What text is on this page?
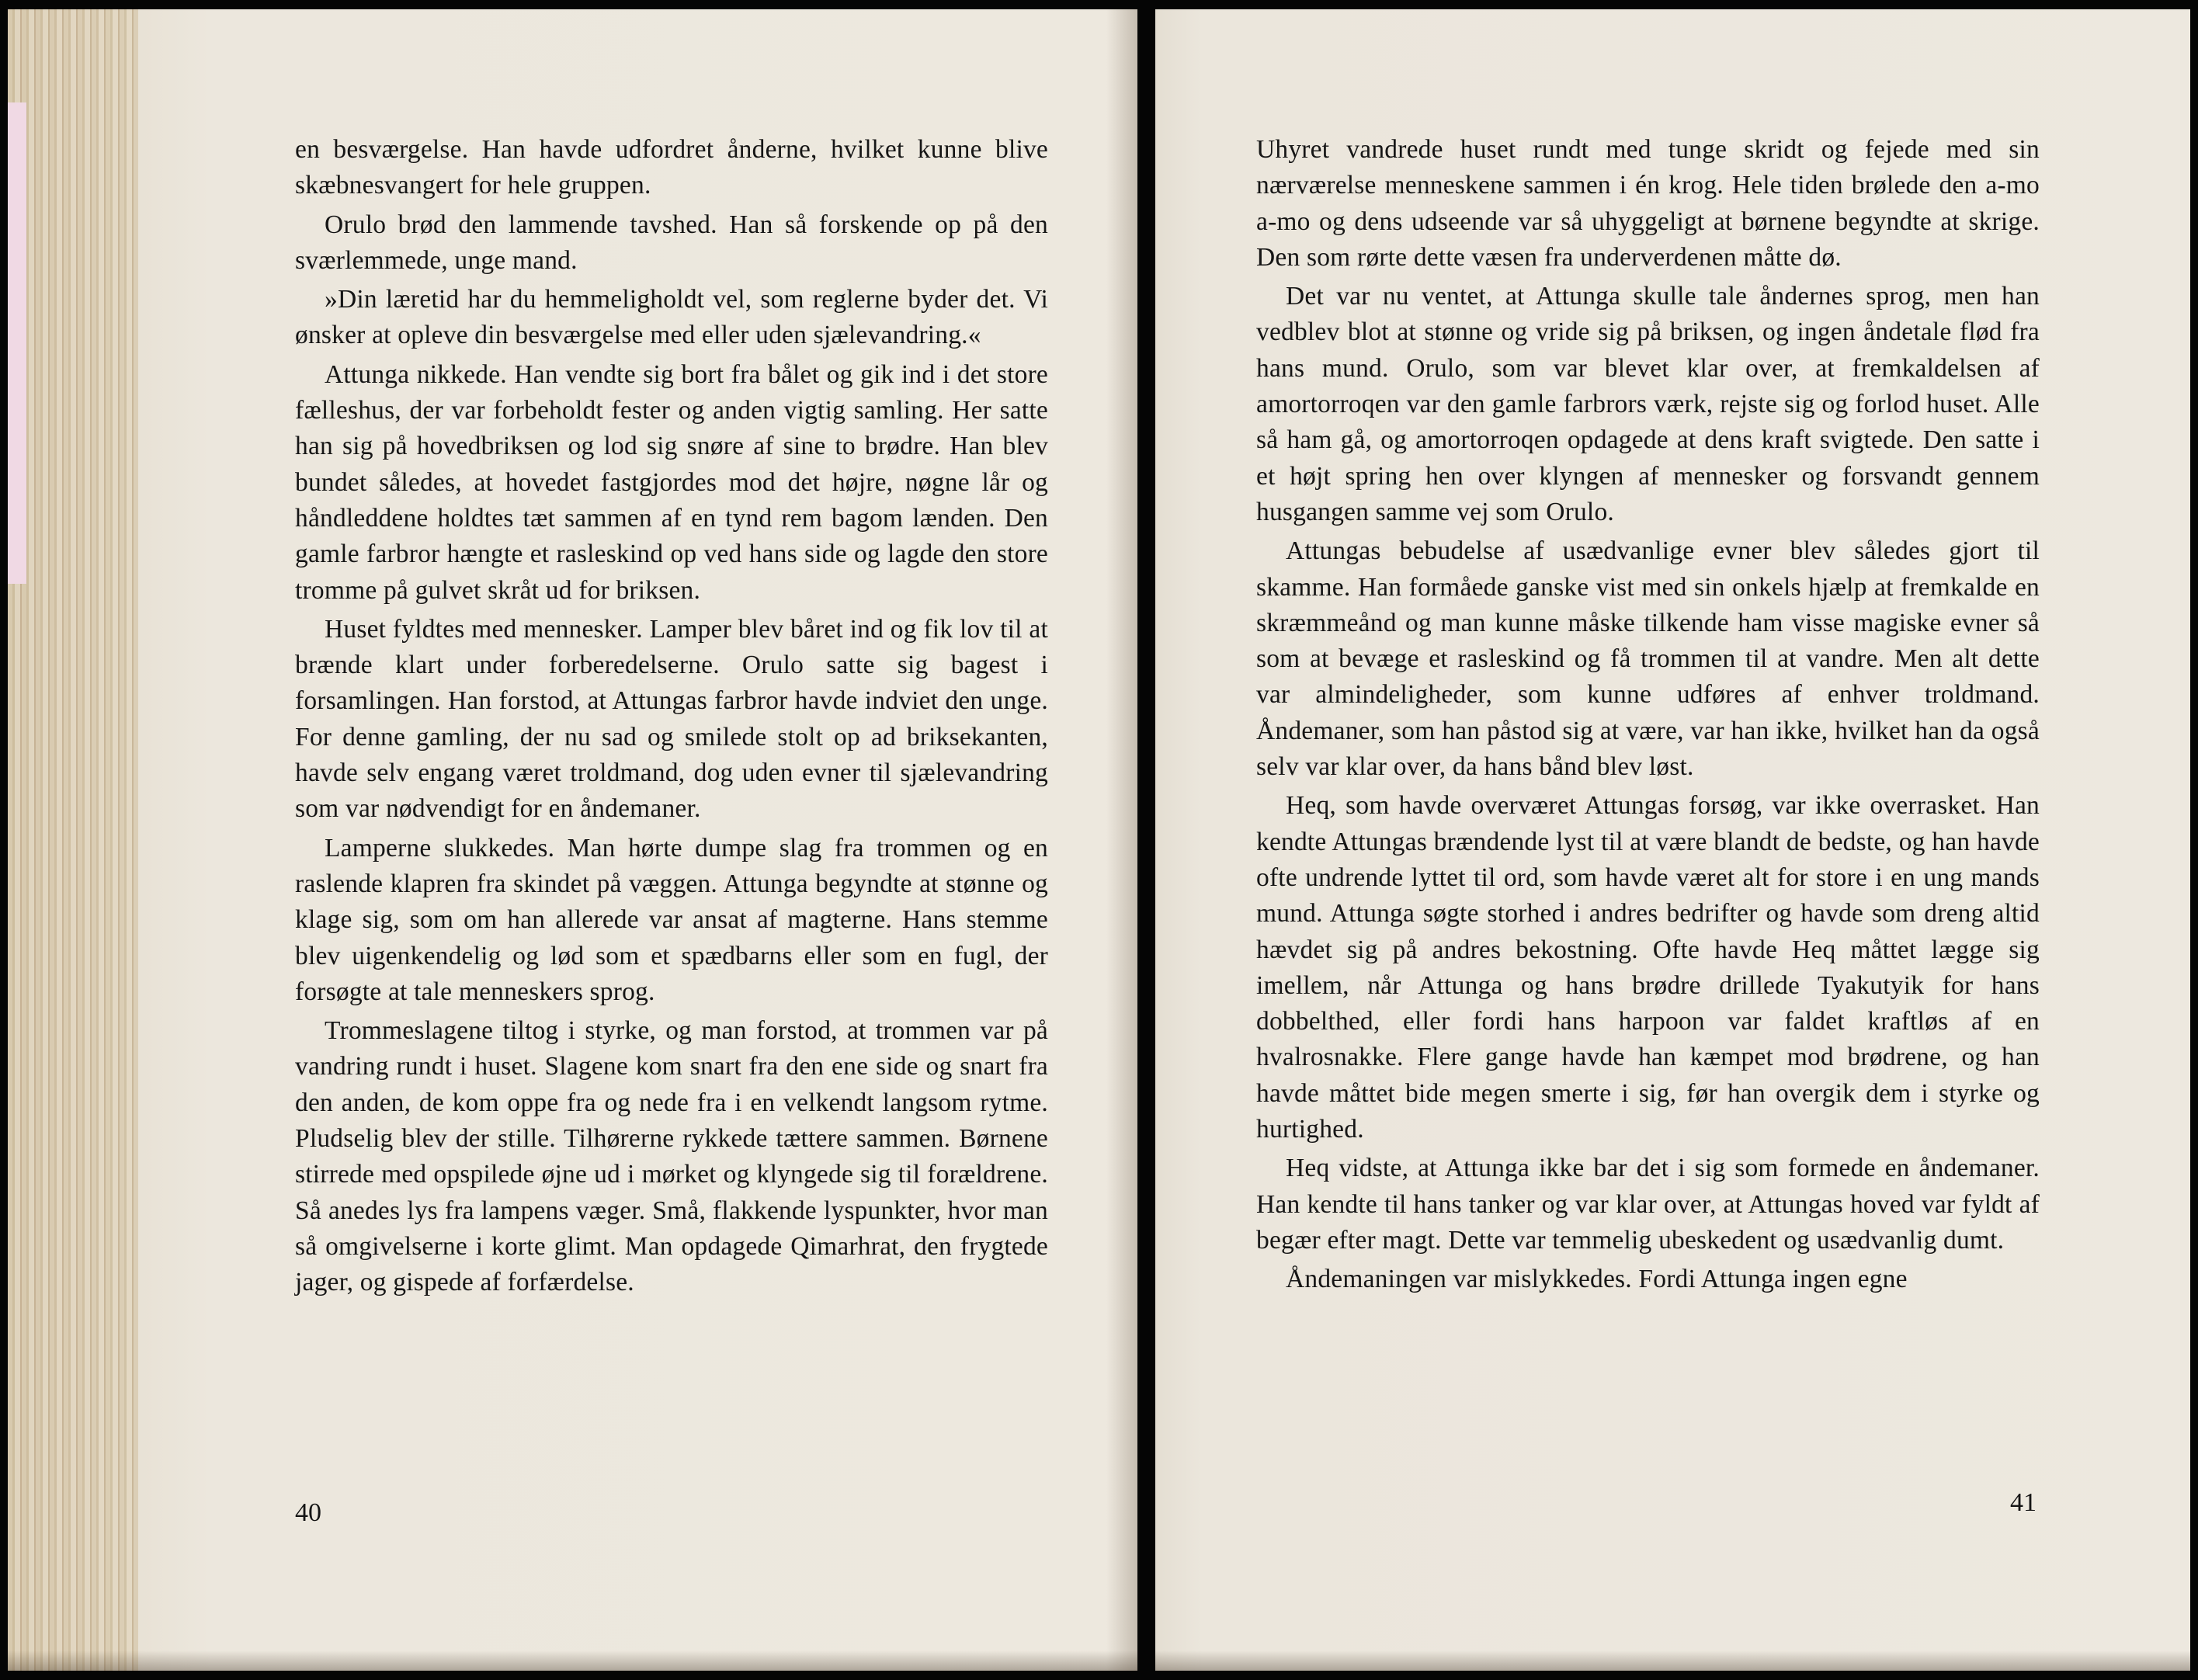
en besværgelse. Han havde udfordret ånderne, hvilket kunne blive skæbnesvangert for hele gruppen.

Orulo brød den lammende tavshed. Han så forskende op på den sværlemmede, unge mand.

»Din læretid har du hemmeligholdt vel, som reglerne byder det. Vi ønsker at opleve din besværgelse med eller uden sjælevandring.«

Attunga nikkede. Han vendte sig bort fra bålet og gik ind i det store fælleshus, der var forbeholdt fester og anden vigtig samling. Her satte han sig på hovedbriksen og lod sig snøre af sine to brødre. Han blev bundet således, at hovedet fastgjordes mod det højre, nøgne lår og håndleddene holdtes tæt sammen af en tynd rem bagom lænden. Den gamle farbror hængte et rasleskind op ved hans side og lagde den store tromme på gulvet skråt ud for briksen.

Huset fyldtes med mennesker. Lamper blev båret ind og fik lov til at brænde klart under forberedelserne. Orulo satte sig bagest i forsamlingen. Han forstod, at Attungas farbror havde indviet den unge. For denne gamling, der nu sad og smilede stolt op ad briksekanten, havde selv engang været troldmand, dog uden evner til sjælevandring som var nødvendigt for en åndemaner.

Lamperne slukkedes. Man hørte dumpe slag fra trommen og en raslende klapren fra skindet på væggen. Attunga begyndte at stønne og klage sig, som om han allerede var ansat af magterne. Hans stemme blev uigenkendelig og lød som et spædbarns eller som en fugl, der forsøgte at tale menneskers sprog.

Trommeslagene tiltog i styrke, og man forstod, at trommen var på vandring rundt i huset. Slagene kom snart fra den ene side og snart fra den anden, de kom oppe fra og nede fra i en velkendt langsom rytme. Pludselig blev der stille. Tilhørerne rykkede tættere sammen. Børnene stirrede med opspilede øjne ud i mørket og klyngede sig til forældrene. Så anedes lys fra lampens væger. Små, flakkende lyspunkter, hvor man så omgivelserne i korte glimt. Man opdagede Qimarhrat, den frygtede jager, og gispede af forfærdelse.

40

Uhyret vandrede huset rundt med tunge skridt og fejede med sin nærværelse menneskene sammen i én krog. Hele tiden brølede den a-mo a-mo og dens udseende var så uhyggeligt at børnene begyndte at skrige. Den som rørte dette væsen fra underverdenen måtte dø.

Det var nu ventet, at Attunga skulle tale åndernes sprog, men han vedblev blot at stønne og vride sig på briksen, og ingen åndetale flød fra hans mund. Orulo, som var blevet klar over, at fremkaldelsen af amortorroqen var den gamle farbrors værk, rejste sig og forlod huset. Alle så ham gå, og amortorroqen opdagede at dens kraft svigtede. Den satte i et højt spring hen over klyngen af mennesker og forsvandt gennem husgangen samme vej som Orulo.

Attungas bebudelse af usædvanlige evner blev således gjort til skamme. Han formåede ganske vist med sin onkels hjælp at fremkalde en skræmmeånd og man kunne måske tilkende ham visse magiske evner så som at bevæge et rasleskind og få trommen til at vandre. Men alt dette var almindeligheder, som kunne udføres af enhver troldmand. Åndemaner, som han påstod sig at være, var han ikke, hvilket han da også selv var klar over, da hans bånd blev løst.

Heq, som havde overværet Attungas forsøg, var ikke overrasket. Han kendte Attungas brændende lyst til at være blandt de bedste, og han havde ofte undrende lyttet til ord, som havde været alt for store i en ung mands mund. Attunga søgte storhed i andres bedrifter og havde som dreng altid hævdet sig på andres bekostning. Ofte havde Heq måttet lægge sig imellem, når Attunga og hans brødre drillede Tyakutyik for hans dobbelthed, eller fordi hans harpoon var faldet kraftløs af en hvalrosnakke. Flere gange havde han kæmpet mod brødrene, og han havde måttet bide megen smerte i sig, før han overgik dem i styrke og hurtighed.

Heq vidste, at Attunga ikke bar det i sig som formede en åndemaner. Han kendte til hans tanker og var klar over, at Attungas hoved var fyldt af begær efter magt. Dette var temmelig ubeskedent og usædvanlig dumt.

Åndemaningen var mislykkedes. Fordi Attunga ingen egne

41
